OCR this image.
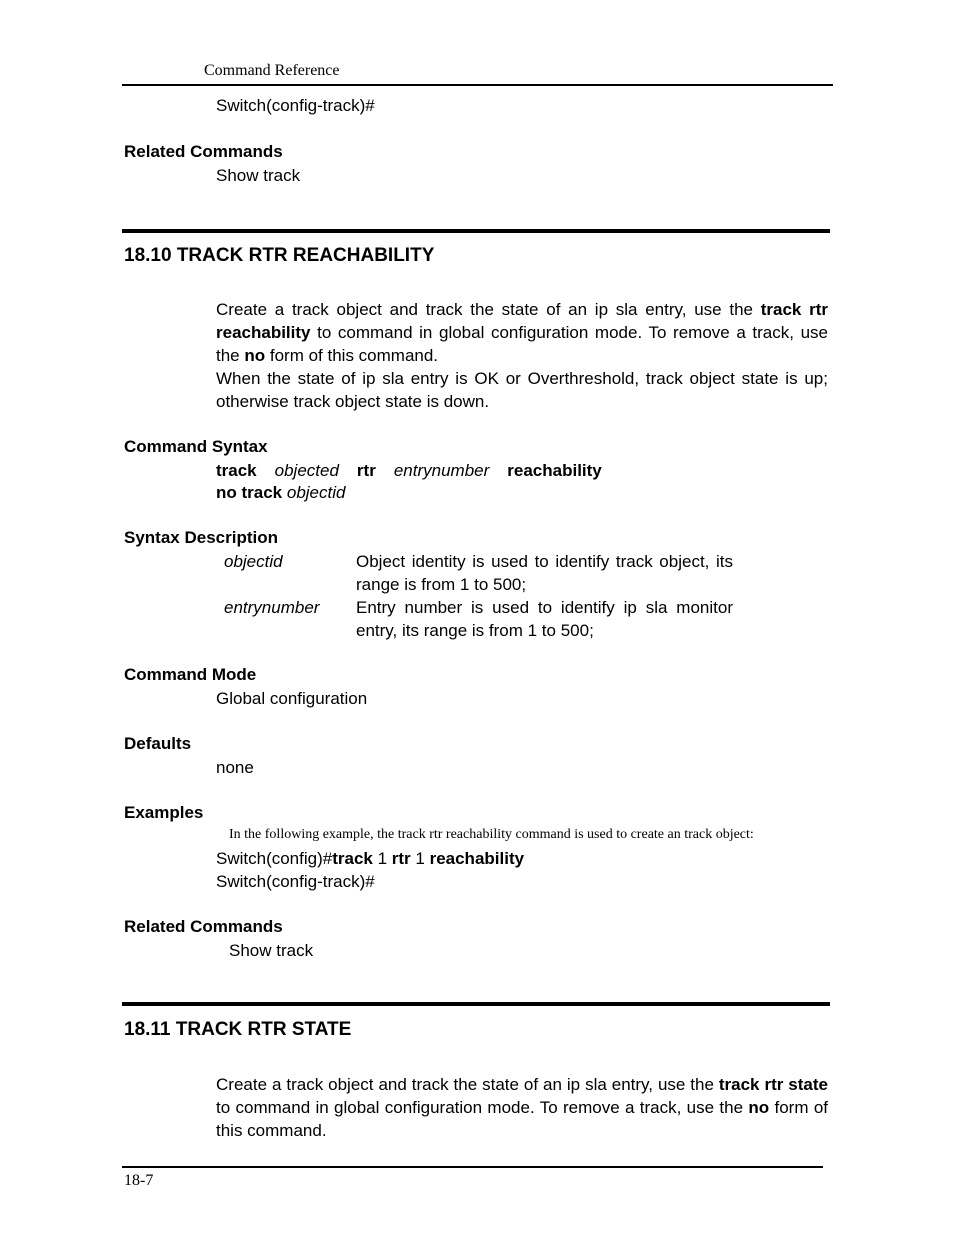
Command Reference
Switch(config-track)#
Related Commands
Show track
18.10 TRACK RTR REACHABILITY
Create a track object and track the state of an ip sla entry, use the track rtr reachability to command in global configuration mode. To remove a track, use the no form of this command.
When the state of ip sla entry is OK or Overthreshold, track object state is up; otherwise track object state is down.
Command Syntax
track objected rtr entrynumber reachability
no track objectid
Syntax Description
objectid	Object identity is used to identify track object, its
range is from 1 to 500;
entrynumber Entry number is used to identify ip sla monitor
entry, its range is from 1 to 500;
Command Mode
Global configuration
Defaults
none
Examples
In the following example, the track rtr reachability command is used to create an track object:
Switch(config)#track 1 rtr 1 reachability
Switch(config-track)#
Related Commands
Show track
18.11 TRACK RTR STATE
Create a track object and track the state of an ip sla entry, use the track rtr state to command in global configuration mode. To remove a track, use the no form of this command.
18-7
